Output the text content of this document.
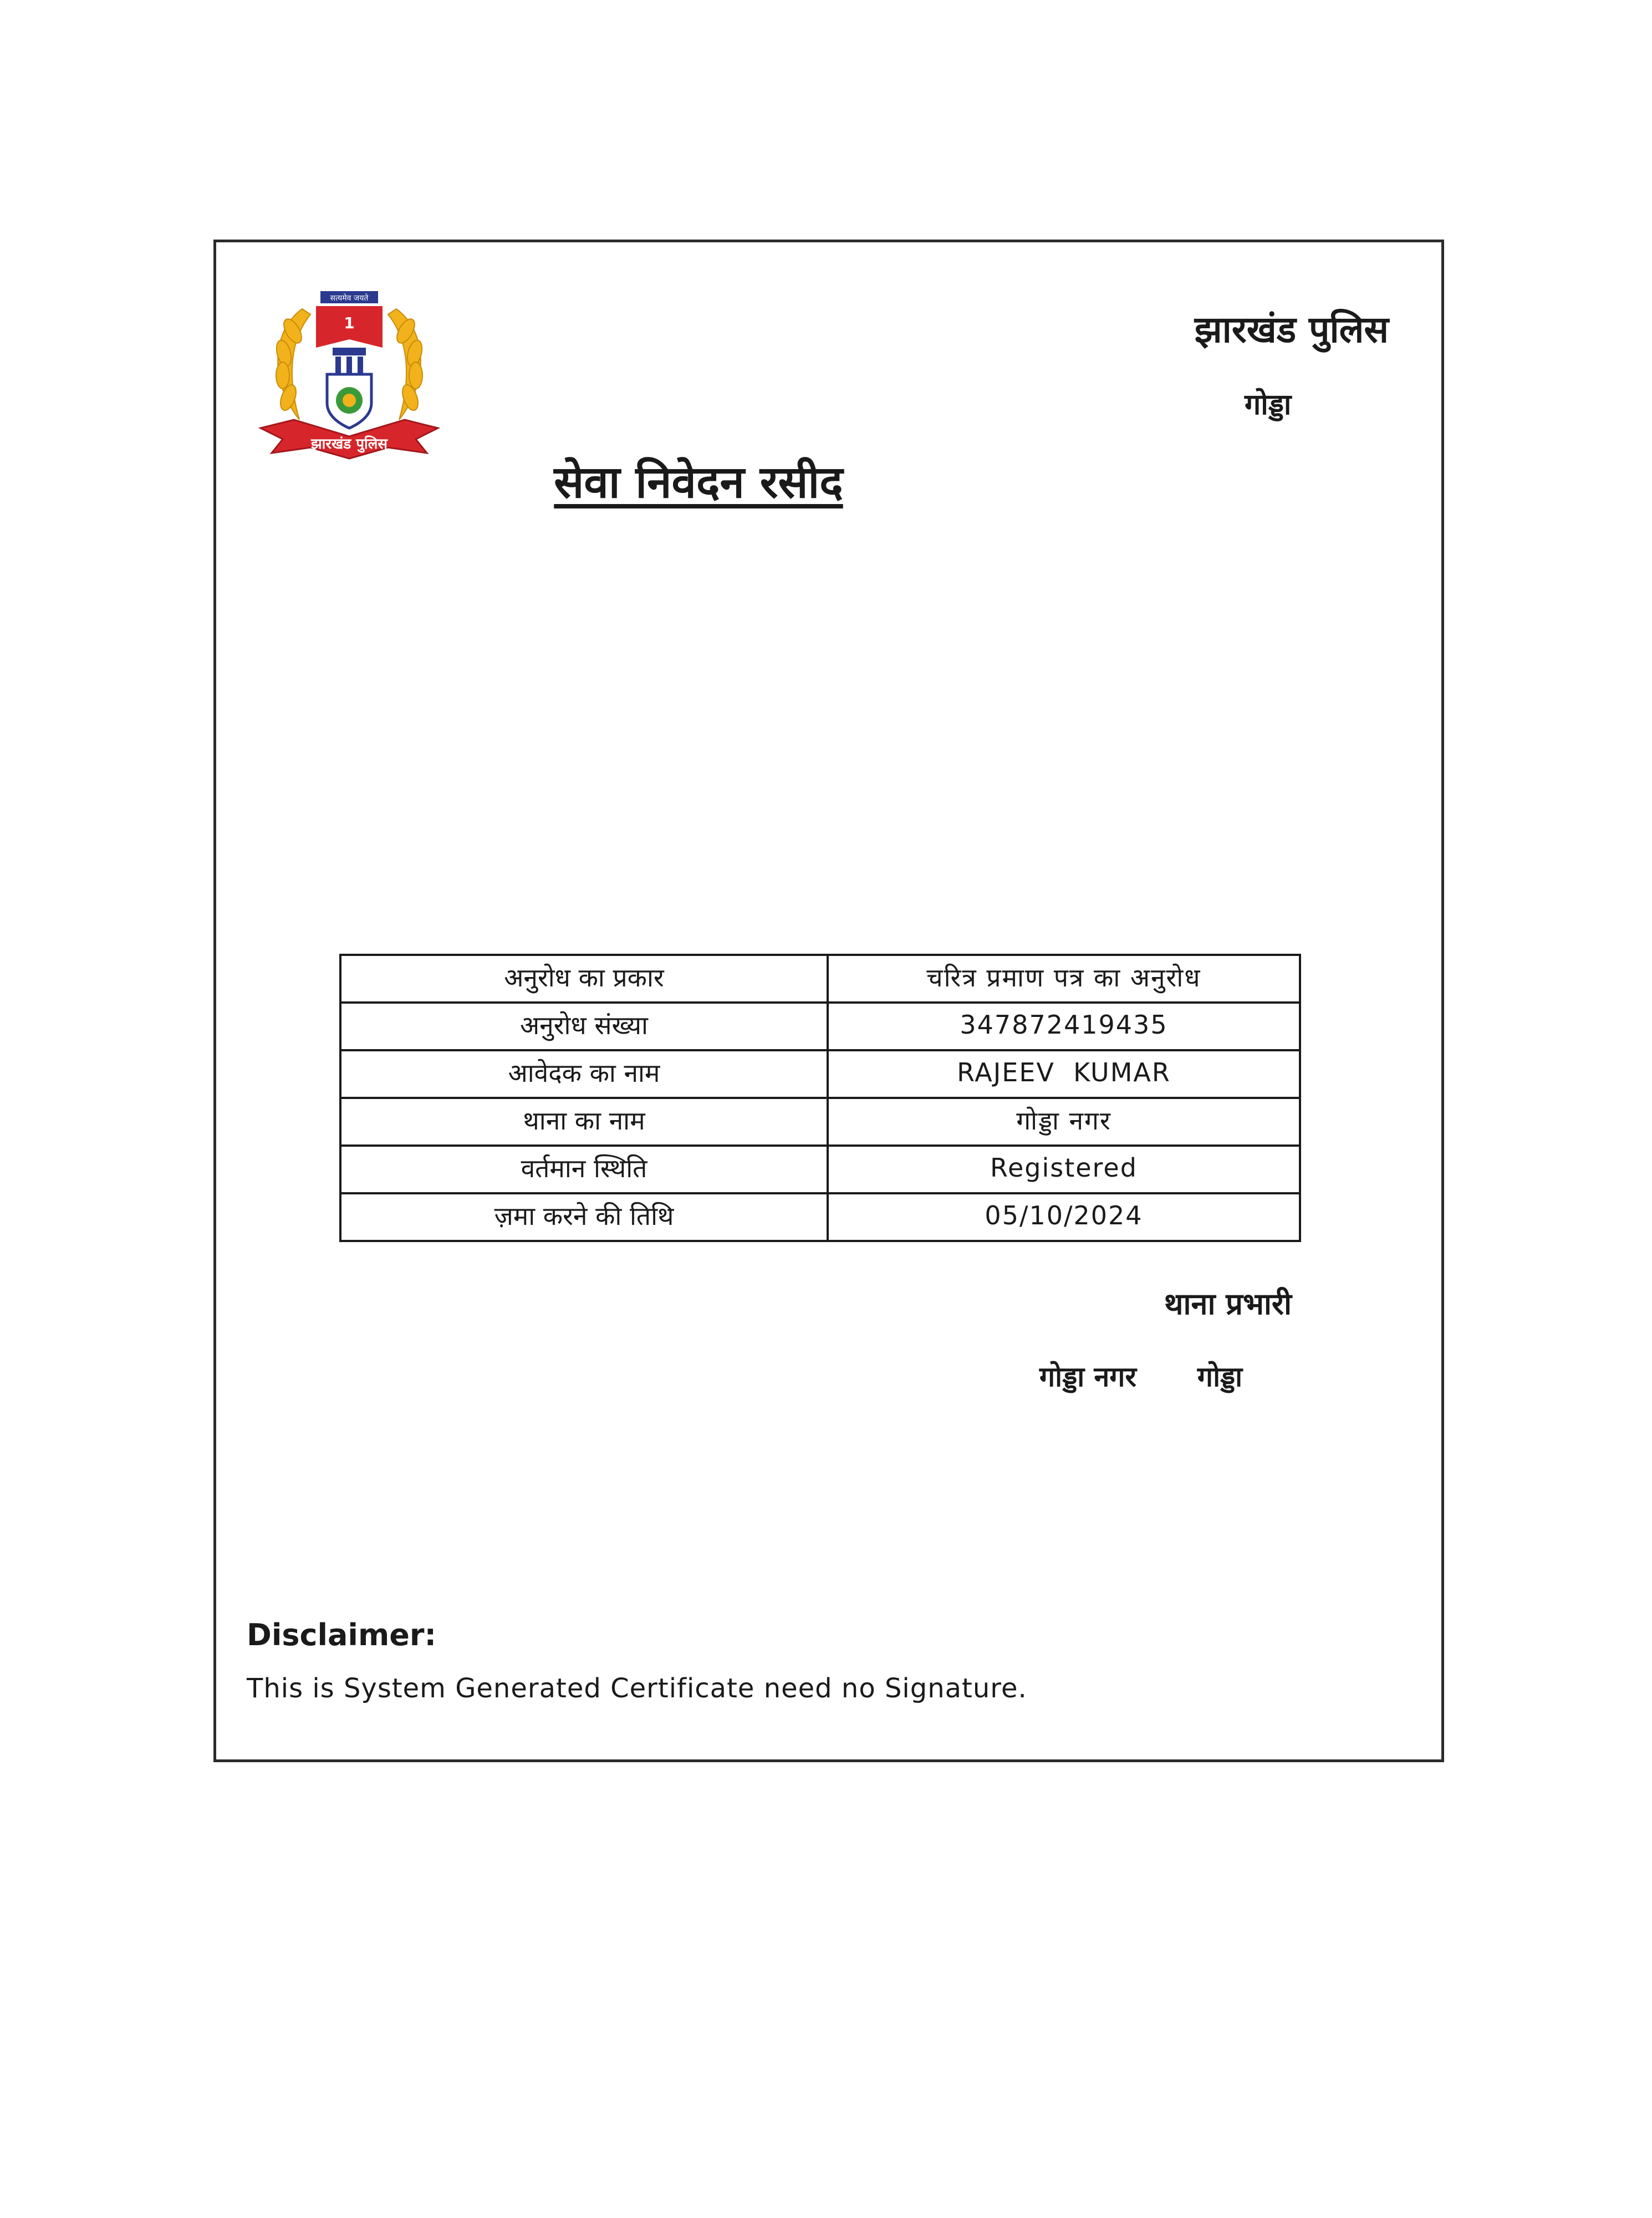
सत्यमेव जयते
1
झारखंड पुलिस
झारखंड पुलिस
गोड्डा
सेवा निवेदन रसीद
अनुरोध का प्रकार	चरित्र प्रमाण पत्र का अनुरोध
अनुरोध संख्या	347872419435
आवेदक का नाम	RAJEEV  KUMAR
थाना का नाम	गोड्डा नगर
वर्तमान स्थिति	Registered
ज़मा करने की तिथि	05/10/2024
थाना प्रभारी
गोड्डा नगर गोड्डा
Disclaimer:
This is System Generated Certificate need no Signature.
